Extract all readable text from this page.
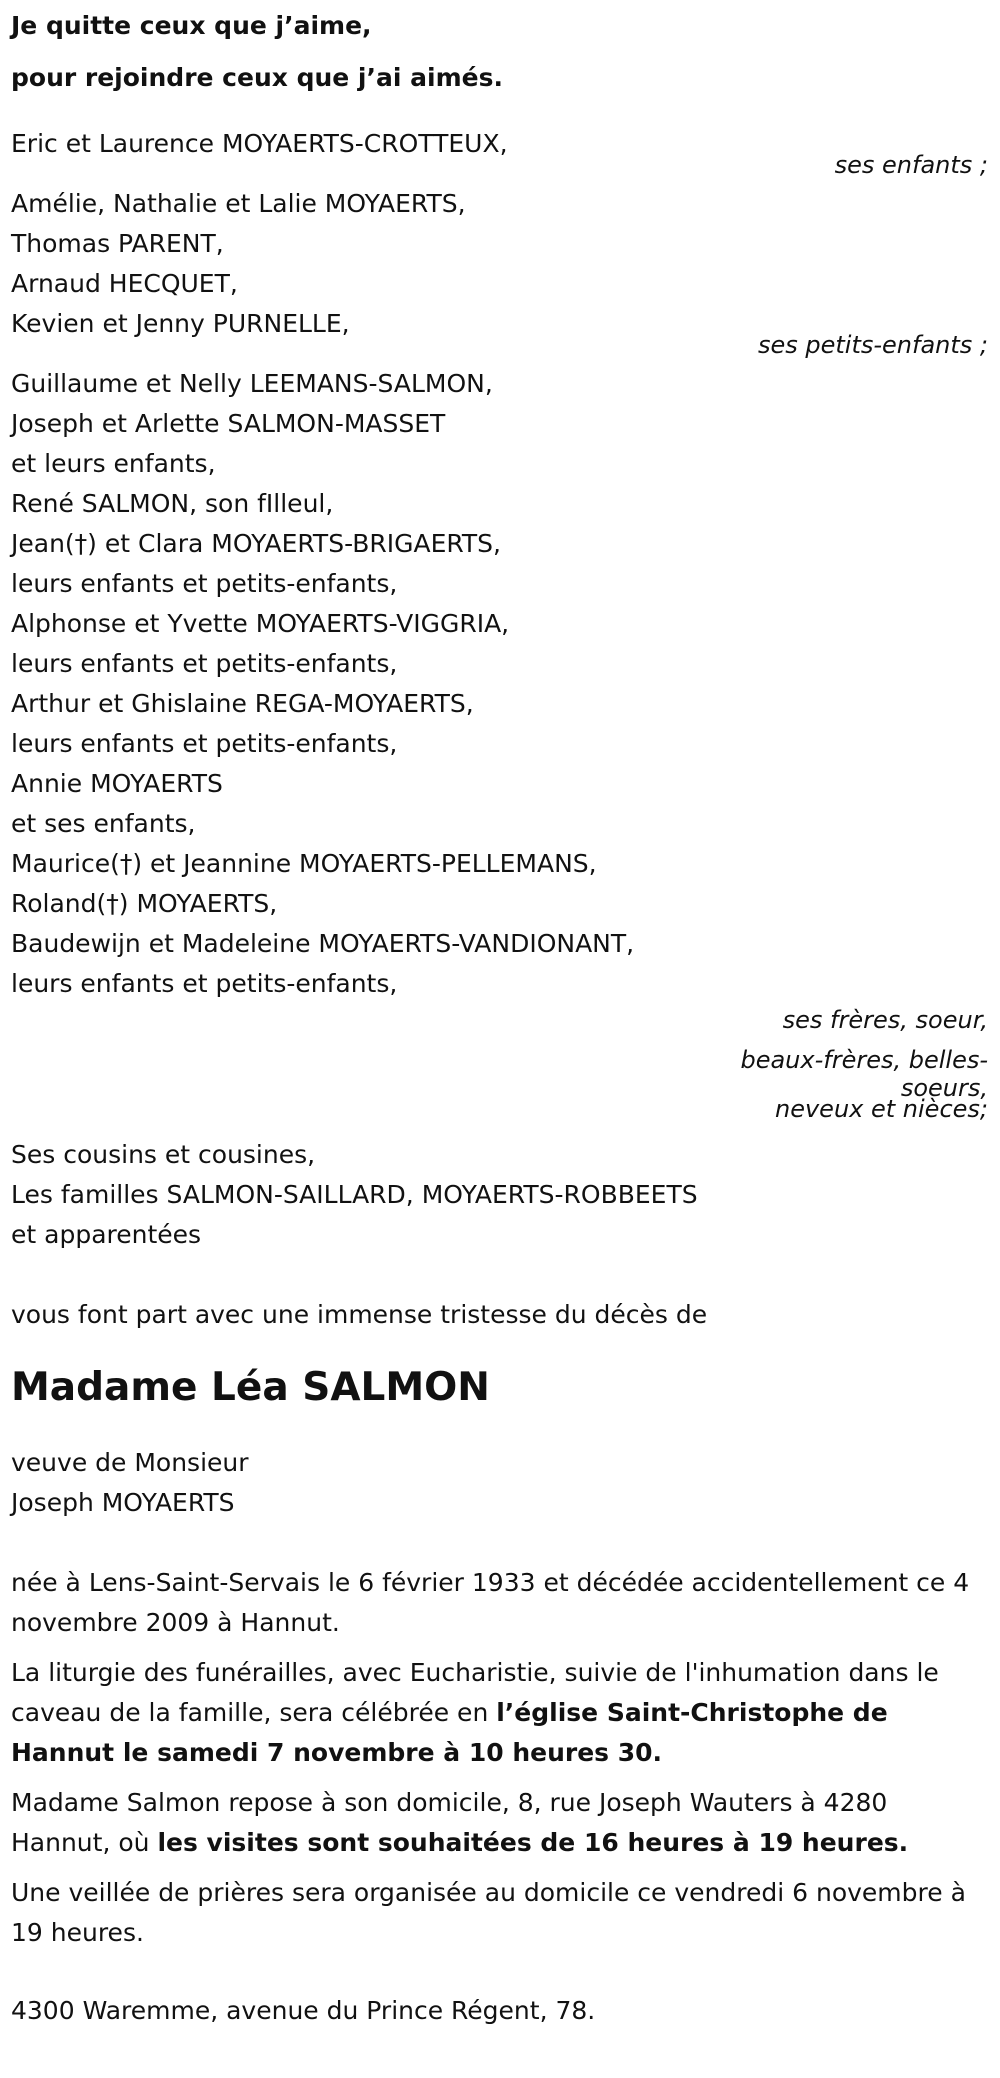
Je quitte ceux que j’aime,
pour rejoindre ceux que j’ai aimés.
Eric et Laurence MOYAERTS-CROTTEUX,
ses enfants ;
Amélie, Nathalie et Lalie MOYAERTS,
Thomas PARENT,
Arnaud HECQUET,
Kevien et Jenny PURNELLE,
ses petits-enfants ;
Guillaume et Nelly LEEMANS-SALMON,
Joseph et Arlette SALMON-MASSET
et leurs enfants,
René SALMON, son fIlleul,
Jean(†) et Clara MOYAERTS-BRIGAERTS,
leurs enfants et petits-enfants,
Alphonse et Yvette MOYAERTS-VIGGRIA,
leurs enfants et petits-enfants,
Arthur et Ghislaine REGA-MOYAERTS,
leurs enfants et petits-enfants,
Annie MOYAERTS
et ses enfants,
Maurice(†) et Jeannine MOYAERTS-PELLEMANS,
Roland(†) MOYAERTS,
Baudewijn et Madeleine MOYAERTS-VANDIONANT,
leurs enfants et petits-enfants,
ses frères, soeur,
beaux-frères, belles-
soeurs,
neveux et nièces;
Ses cousins et cousines,
Les familles SALMON-SAILLARD, MOYAERTS-ROBBEETS
et apparentées
vous font part avec une immense tristesse du décès de
Madame Léa SALMON
veuve de Monsieur
Joseph MOYAERTS
née à Lens-Saint-Servais le 6 février 1933 et décédée accidentellement ce 4 novembre 2009 à Hannut.
La liturgie des funérailles, avec Eucharistie, suivie de l'inhumation dans le caveau de la famille, sera célébrée en l’église Saint-Christophe de Hannut le samedi 7 novembre à 10 heures 30.
Madame Salmon repose à son domicile, 8, rue Joseph Wauters à 4280 Hannut, où les visites sont souhaitées de 16 heures à 19 heures.
Une veillée de prières sera organisée au domicile ce vendredi 6 novembre à 19 heures.
4300 Waremme, avenue du Prince Régent, 78.
